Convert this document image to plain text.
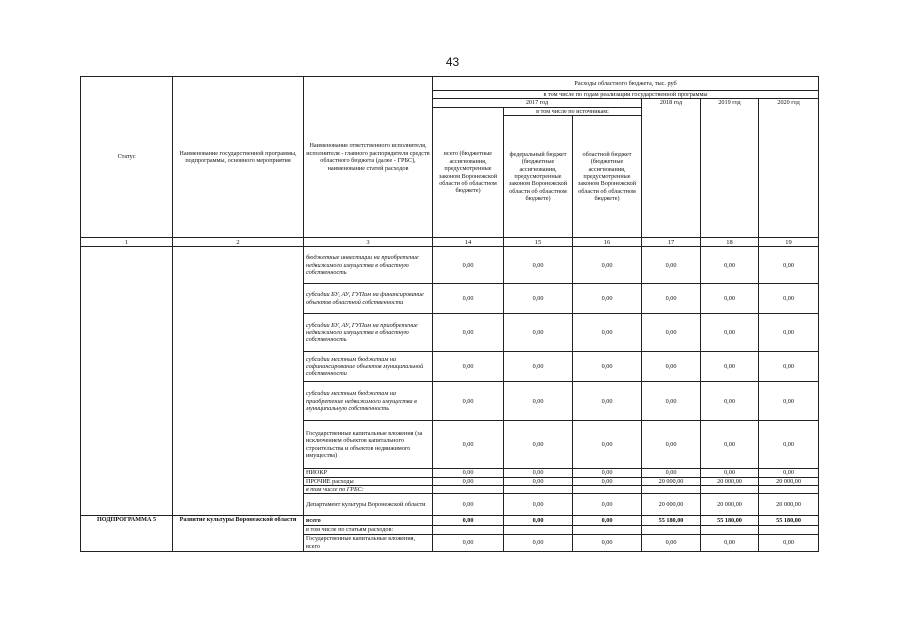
43
Статус	Наименование государственной программы, подпрограммы, основного мероприятия	Наименование ответственного исполнителя, исполнителя - главного распорядителя средств областного бюджета (далее - ГРБС), наименование статей расходов	Расходы областного бюджета, тыс. руб					
			в том числе по годам реализации государственной программы					
			2017 год			2018 год	2019 год	2020 год
			всего (бюджетные ассигнования, предусмотренные законом Воронежской области об областном бюджете)	в том числе по источникам:				
				федеральный бюджет (бюджетные ассигнования, предусмотренные законом Воронежской области об областном бюджете)	областной бюджет (бюджетные ассигнования, предусмотренные законом Воронежской области об областном бюджете)			
1	2	3	14	15	16	17	18	19
		бюджетные инвестиции на приобретение недвижимого имущества в областную собственность	0,00	0,00	0,00	0,00	0,00	0,00
		субсидии БУ, АУ, ГУПам на финансирование объектов областной собственности	0,00	0,00	0,00	0,00	0,00	0,00
		субсидии БУ, АУ, ГУПам на приобретение недвижимого имущества в областную собственность	0,00	0,00	0,00	0,00	0,00	0,00
		субсидии местным бюджетам на софинансирование объектов муниципальной собственности	0,00	0,00	0,00	0,00	0,00	0,00
		субсидии местным бюджетам на приобретение недвижимого имущества в муниципальную собственность	0,00	0,00	0,00	0,00	0,00	0,00
		Государственные капитальные вложения (за исключением объектов капитального строительства и объектов недвижимого имущества)	0,00	0,00	0,00	0,00	0,00	0,00
		НИОКР	0,00	0,00	0,00	0,00	0,00	0,00
		ПРОЧИЕ расходы	0,00	0,00	0,00	20 000,00	20 000,00	20 000,00
		в том числе по ГРБС:						
		Департамент культуры Воронежской области	0,00	0,00	0,00	20 000,00	20 000,00	20 000,00
ПОДПРОГРАММА 5	Развитие культуры Воронежской области	всего	0,00	0,00	0,00	55 180,00	55 180,00	55 180,00
		в том числе по статьям расходов:						
		Государственные капитальные вложения, всего	0,00	0,00	0,00	0,00	0,00	0,00
